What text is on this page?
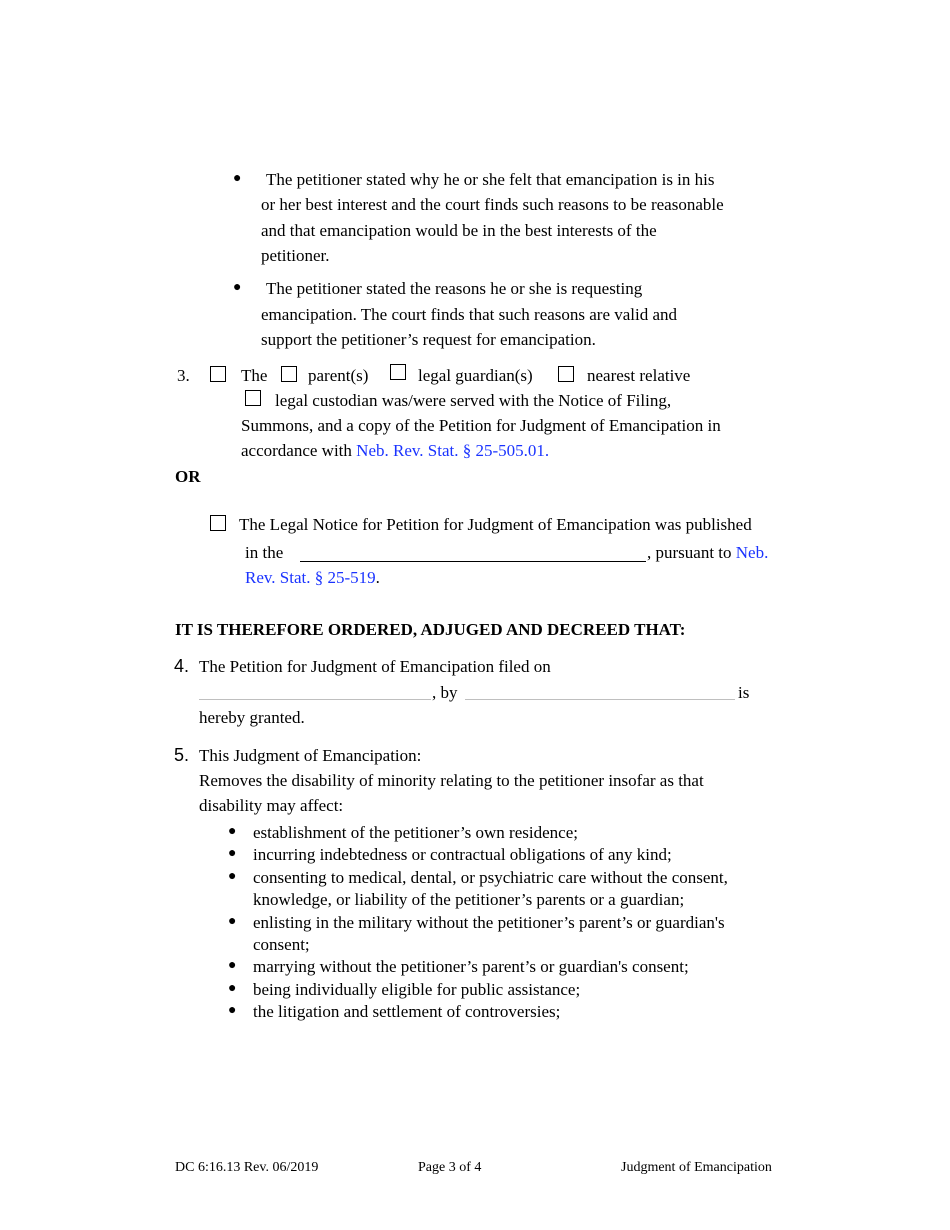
● The petitioner stated why he or she felt that emancipation is in his
or her best interest and the court finds such reasons to be reasonable
and that emancipation would be in the best interests of the
petitioner.
● The petitioner stated the reasons he or she is requesting
emancipation. The court finds that such reasons are valid and
support the petitioner’s request for emancipation.
3.	The parent(s)	legal guardian(s)	nearest relative
legal custodian was/were served with the Notice of Filing,
Summons, and a copy of the Petition for Judgment of Emancipation in
accordance with Neb. Rev. Stat. § 25-505.01.
OR
The Legal Notice for Petition for Judgment of Emancipation was published
in the	, pursuant to Neb.
Rev. Stat. § 25-519.
IT IS THEREFORE ORDERED, ADJUGED AND DECREED THAT:
4. The Petition for Judgment of Emancipation filed on
, by	is
hereby granted.
5. This Judgment of Emancipation:
Removes the disability of minority relating to the petitioner insofar as that
disability may affect:
● establishment of the petitioner’s own residence;
● incurring indebtedness or contractual obligations of any kind;
● consenting to medical, dental, or psychiatric care without the consent,
knowledge, or liability of the petitioner’s parents or a guardian;
● enlisting in the military without the petitioner’s parent’s or guardian's
consent;
● marrying without the petitioner’s parent’s or guardian's consent;
● being individually eligible for public assistance;
● the litigation and settlement of controversies;
DC 6:16.13 Rev. 06/2019	Page 3 of 4	Judgment of Emancipation
